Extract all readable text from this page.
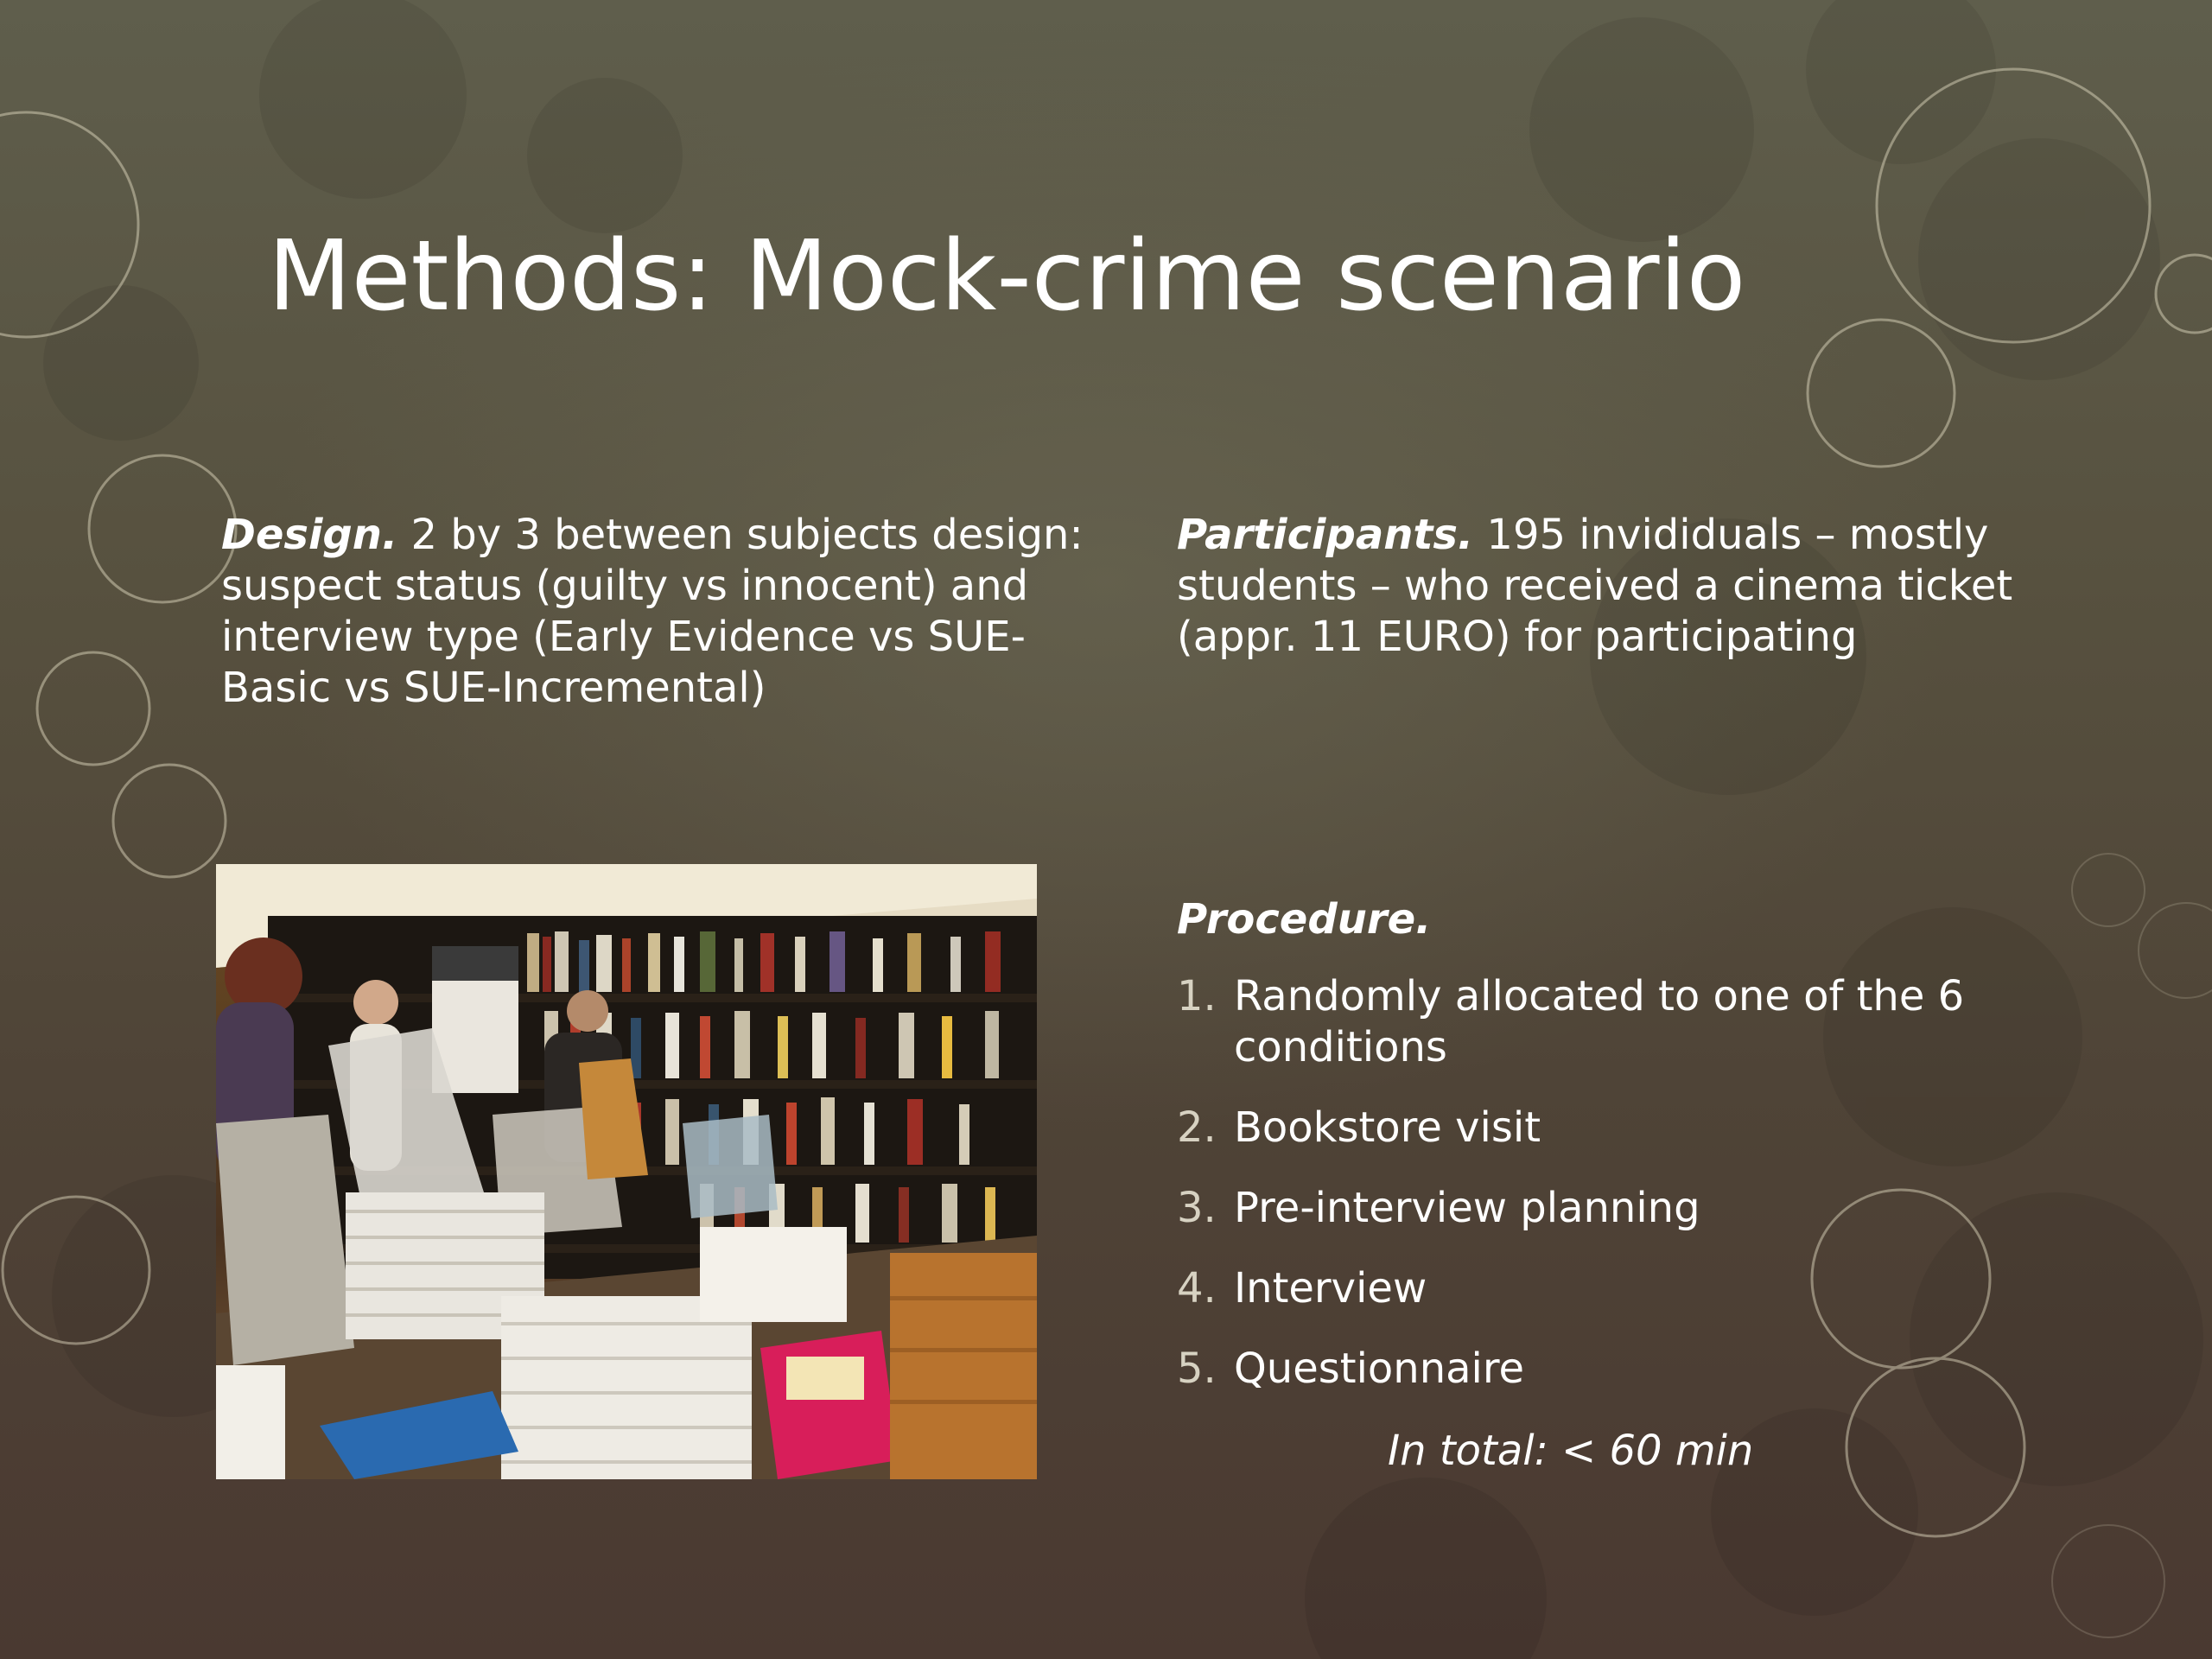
Methods: Mock-crime scenario
Design. 2 by 3 between subjects design: suspect status (guilty vs innocent) and interview type (Early Evidence vs SUE-Basic vs SUE-Incremental)
Participants. 195 invididuals – mostly students – who received a cinema ticket (appr. 11 EURO) for participating
Procedure.
1. Randomly allocated to one of the 6 conditions
2. Bookstore visit
3. Pre-interview planning
4. Interview
5. Questionnaire
In total: < 60 min
